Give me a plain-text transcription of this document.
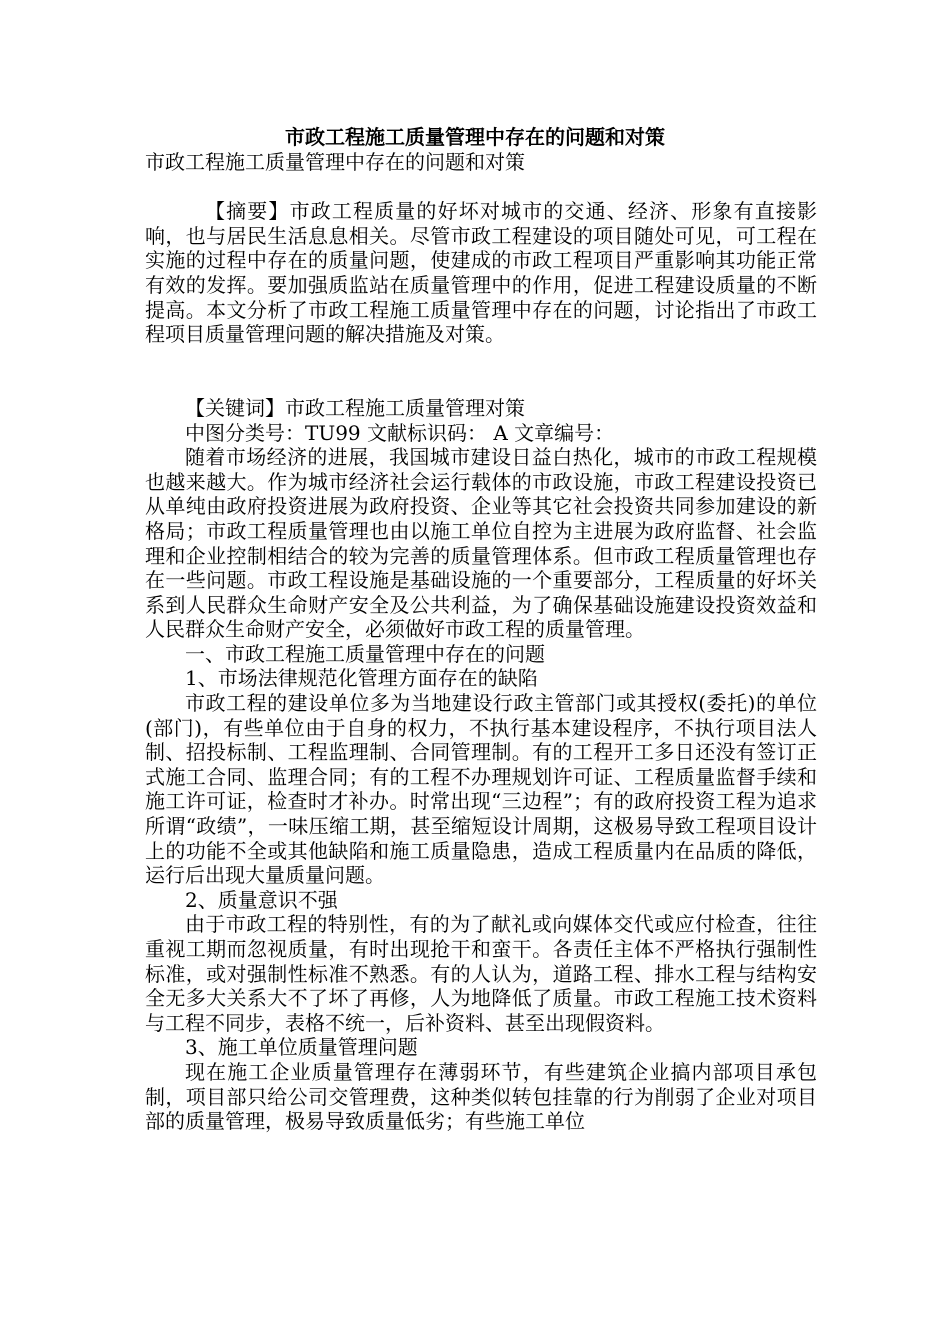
市政工程施工质量管理中存在的问题和对策

市政工程施工质量管理中存在的问题和对策

【摘要】市政工程质量的好坏对城市的交通、经济、形象有直接影响，也与居民生活息息相关。尽管市政工程建设的项目随处可见，可工程在实施的过程中存在的质量问题，使建成的市政工程项目严重影响其功能正常有效的发挥。要加强质监站在质量管理中的作用，促进工程建设质量的不断提高。本文分析了市政工程施工质量管理中存在的问题，讨论指出了市政工程项目质量管理问题的解决措施及对策。

【关键词】市政工程施工质量管理对策

中图分类号：TU99 文献标识码： A 文章编号：

随着市场经济的进展，我国城市建设日益白热化，城市的市政工程规模也越来越大。作为城市经济社会运行载体的市政设施，市政工程建设投资已从单纯由政府投资进展为政府投资、企业等其它社会投资共同参加建设的新格局；市政工程质量管理也由以施工单位自控为主进展为政府监督、社会监理和企业控制相结合的较为完善的质量管理体系。但市政工程质量管理也存在一些问题。市政工程设施是基础设施的一个重要部分，工程质量的好坏关系到人民群众生命财产安全及公共利益，为了确保基础设施建设投资效益和人民群众生命财产安全，必须做好市政工程的质量管理。

一、市政工程施工质量管理中存在的问题

1、市场法律规范化管理方面存在的缺陷

市政工程的建设单位多为当地建设行政主管部门或其授权(委托)的单位(部门)，有些单位由于自身的权力，不执行基本建设程序，不执行项目法人制、招投标制、工程监理制、合同管理制。有的工程开工多日还没有签订正式施工合同、监理合同；有的工程不办理规划许可证、工程质量监督手续和施工许可证，检查时才补办。时常出现“三边程”；有的政府投资工程为追求所谓“政绩”，一味压缩工期，甚至缩短设计周期，这极易导致工程项目设计上的功能不全或其他缺陷和施工质量隐患，造成工程质量内在品质的降低，运行后出现大量质量问题。

2、质量意识不强

由于市政工程的特别性，有的为了献礼或向媒体交代或应付检查，往往重视工期而忽视质量，有时出现抢干和蛮干。各责任主体不严格执行强制性标准，或对强制性标准不熟悉。有的人认为，道路工程、排水工程与结构安全无多大关系大不了坏了再修，人为地降低了质量。市政工程施工技术资料与工程不同步，表格不统一，后补资料、甚至出现假资料。

3、施工单位质量管理问题

现在施工企业质量管理存在薄弱环节，有些建筑企业搞内部项目承包制，项目部只给公司交管理费，这种类似转包挂靠的行为削弱了企业对项目部的质量管理，极易导致质量低劣；有些施工单位
